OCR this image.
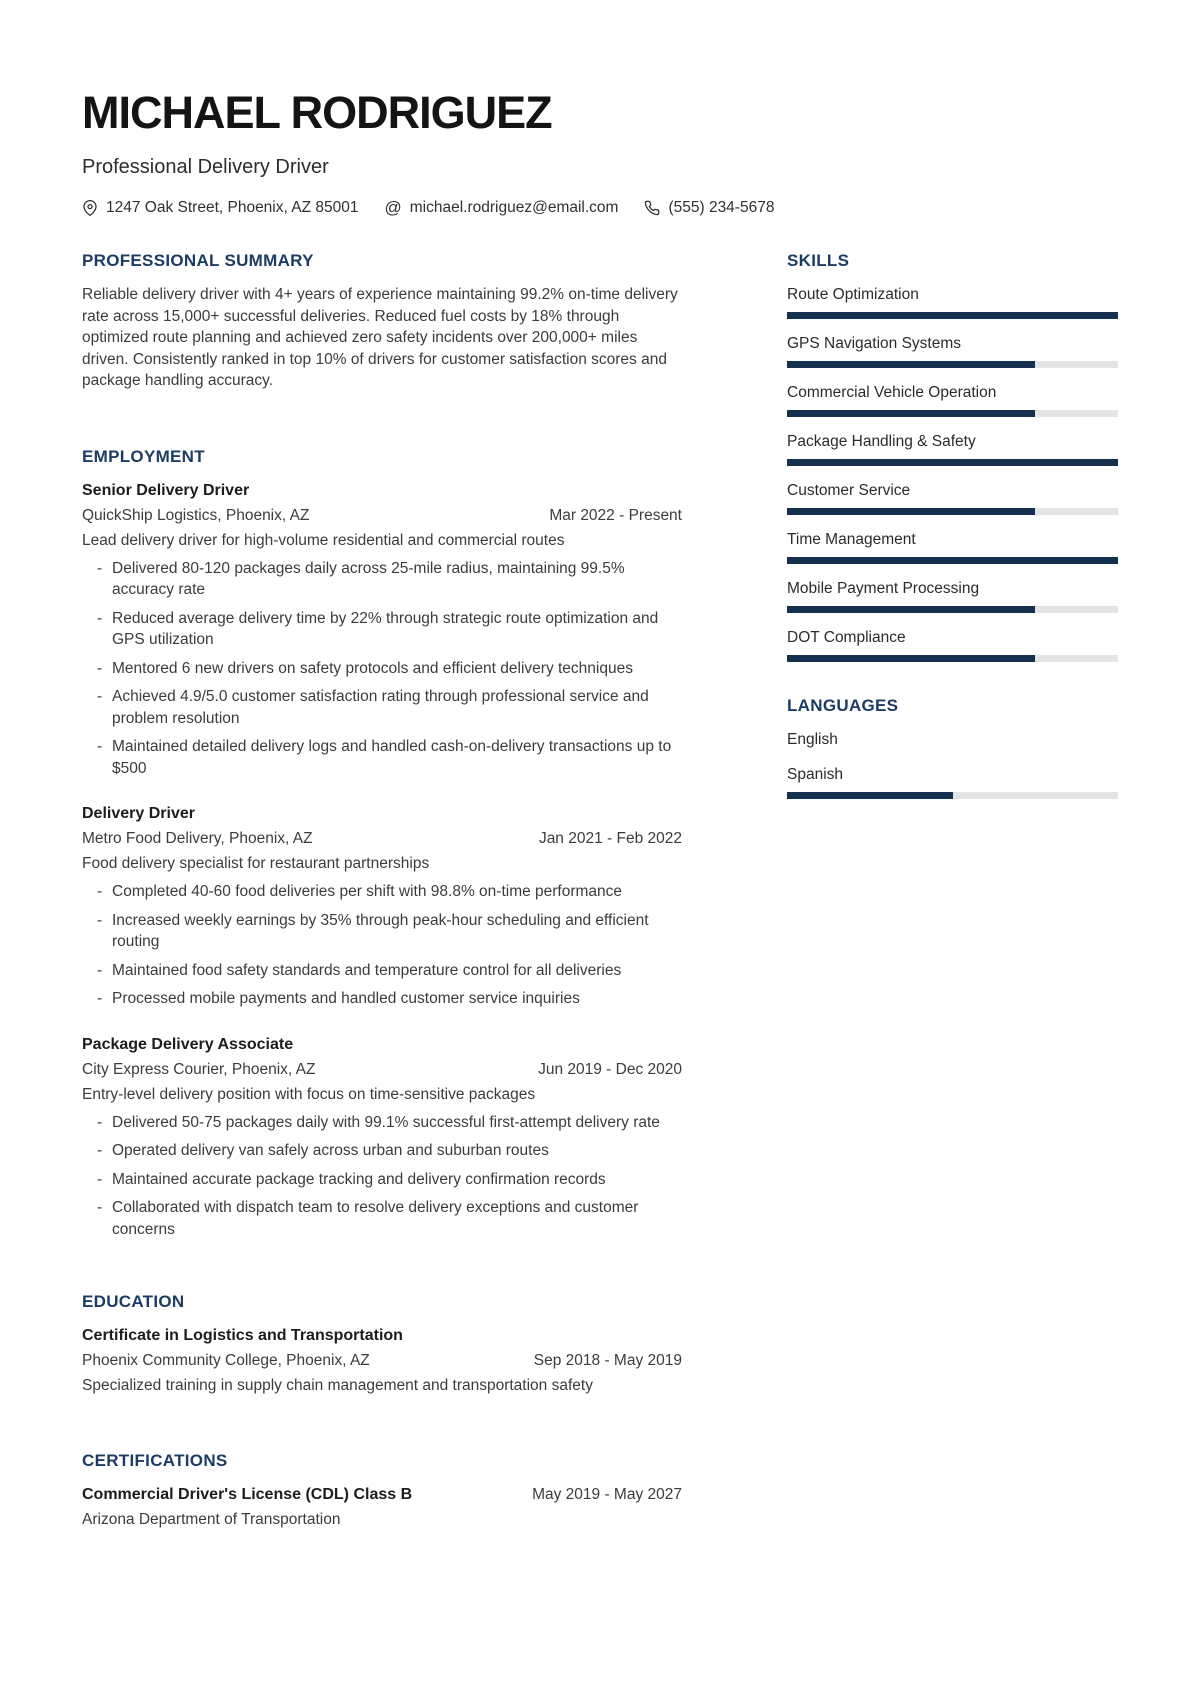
MICHAEL RODRIGUEZ
Professional Delivery Driver
1247 Oak Street, Phoenix, AZ 85001 @ michael.rodriguez@email.com	(555) 234-5678
PROFESSIONAL SUMMARY

Reliable delivery driver with 4+ years of experience maintaining 99.2% on-time delivery rate across 15,000+ successful deliveries. Reduced fuel costs by 18% through optimized route planning and achieved zero safety incidents over 200,000+ miles driven. Consistently ranked in top 10% of drivers for customer satisfaction scores and package handling accuracy.

EMPLOYMENT
Senior Delivery Driver
QuickShip Logistics, Phoenix, AZ	Mar 2022 - Present
Lead delivery driver for high-volume residential and commercial routes
- Delivered 80-120 packages daily across 25-mile radius, maintaining 99.5% accuracy rate
- Reduced average delivery time by 22% through strategic route optimization and GPS utilization
- Mentored 6 new drivers on safety protocols and efficient delivery techniques
- Achieved 4.9/5.0 customer satisfaction rating through professional service and problem resolution
- Maintained detailed delivery logs and handled cash-on-delivery transactions up to $500
Delivery Driver
Metro Food Delivery, Phoenix, AZ	Jan 2021 - Feb 2022
Food delivery specialist for restaurant partnerships
- Completed 40-60 food deliveries per shift with 98.8% on-time performance
- Increased weekly earnings by 35% through peak-hour scheduling and efficient routing
- Maintained food safety standards and temperature control for all deliveries
- Processed mobile payments and handled customer service inquiries
Package Delivery Associate
City Express Courier, Phoenix, AZ	Jun 2019 - Dec 2020
Entry-level delivery position with focus on time-sensitive packages
- Delivered 50-75 packages daily with 99.1% successful first-attempt delivery rate
- Operated delivery van safely across urban and suburban routes
- Maintained accurate package tracking and delivery confirmation records
- Collaborated with dispatch team to resolve delivery exceptions and customer concerns
EDUCATION
Certificate in Logistics and Transportation
Phoenix Community College, Phoenix, AZ	Sep 2018 - May 2019
Specialized training in supply chain management and transportation safety
CERTIFICATIONS
Commercial Driver's License (CDL) Class B	May 2019 - May 2027
Arizona Department of Transportation
SKILLS
Route Optimization
GPS Navigation Systems
Commercial Vehicle Operation
Package Handling & Safety
Customer Service
Time Management
Mobile Payment Processing
DOT Compliance
LANGUAGES
English
Spanish
